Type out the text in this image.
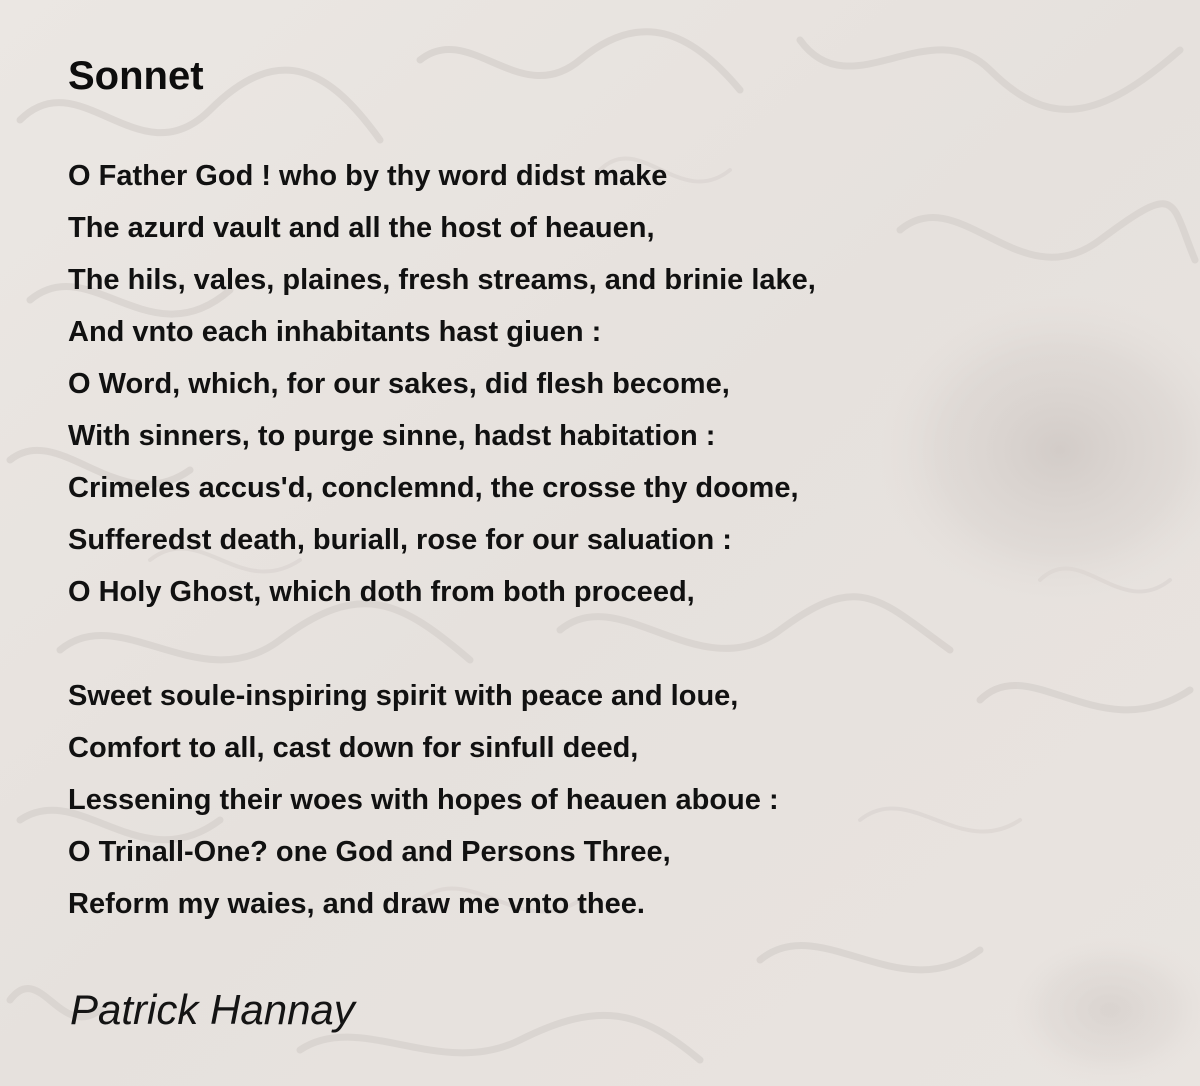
Sonnet
O Father God ! who by thy word didst make
The azurd vault and all the host of heauen,
The hils, vales, plaines, fresh streams, and brinie lake,
And vnto each inhabitants hast giuen :
O Word, which, for our sakes, did flesh become,
With sinners, to purge sinne, hadst habitation :
Crimeles accus'd, conclemnd, the crosse thy doome,
Sufferedst death, buriall, rose for our saluation :
O Holy Ghost, which doth from both proceed,
Sweet soule-inspiring spirit with peace and loue,
Comfort to all, cast down for sinfull deed,
Lessening their woes with hopes of heauen aboue :
O Trinall-One? one God and Persons Three,
Reform my waies, and draw me vnto thee.

Patrick Hannay
